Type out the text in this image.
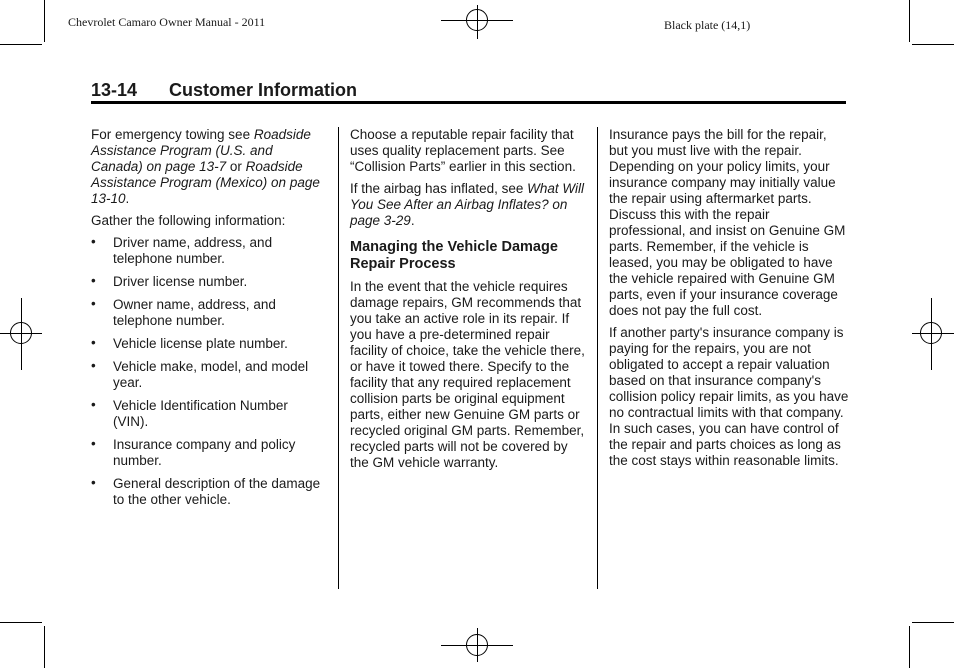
Chevrolet Camaro Owner Manual - 2011	Black plate (14,1)
13-14 Customer Information

For emergency towing see Roadside Assistance Program (U.S. and Canada) on page 13-7 or Roadside Assistance Program (Mexico) on page 13-10.

Gather the following information:

• Driver name, address, and telephone number.
• Driver license number.
• Owner name, address, and telephone number.
• Vehicle license plate number.
• Vehicle make, model, and model year.
• Vehicle Identification Number (VIN).
• Insurance company and policy number.
• General description of the damage to the other vehicle.

Choose a reputable repair facility that uses quality replacement parts. See “Collision Parts” earlier in this section.

If the airbag has inflated, see What Will You See After an Airbag Inflates? on page 3-29.

Managing the Vehicle Damage Repair Process

In the event that the vehicle requires damage repairs, GM recommends that you take an active role in its repair. If you have a pre-determined repair facility of choice, take the vehicle there, or have it towed there. Specify to the facility that any required replacement collision parts be original equipment parts, either new Genuine GM parts or recycled original GM parts. Remember, recycled parts will not be covered by the GM vehicle warranty.

Insurance pays the bill for the repair, but you must live with the repair. Depending on your policy limits, your insurance company may initially value the repair using aftermarket parts. Discuss this with the repair professional, and insist on Genuine GM parts. Remember, if the vehicle is leased, you may be obligated to have the vehicle repaired with Genuine GM parts, even if your insurance coverage does not pay the full cost.

If another party's insurance company is paying for the repairs, you are not obligated to accept a repair valuation based on that insurance company's collision policy repair limits, as you have no contractual limits with that company. In such cases, you can have control of the repair and parts choices as long as the cost stays within reasonable limits.
